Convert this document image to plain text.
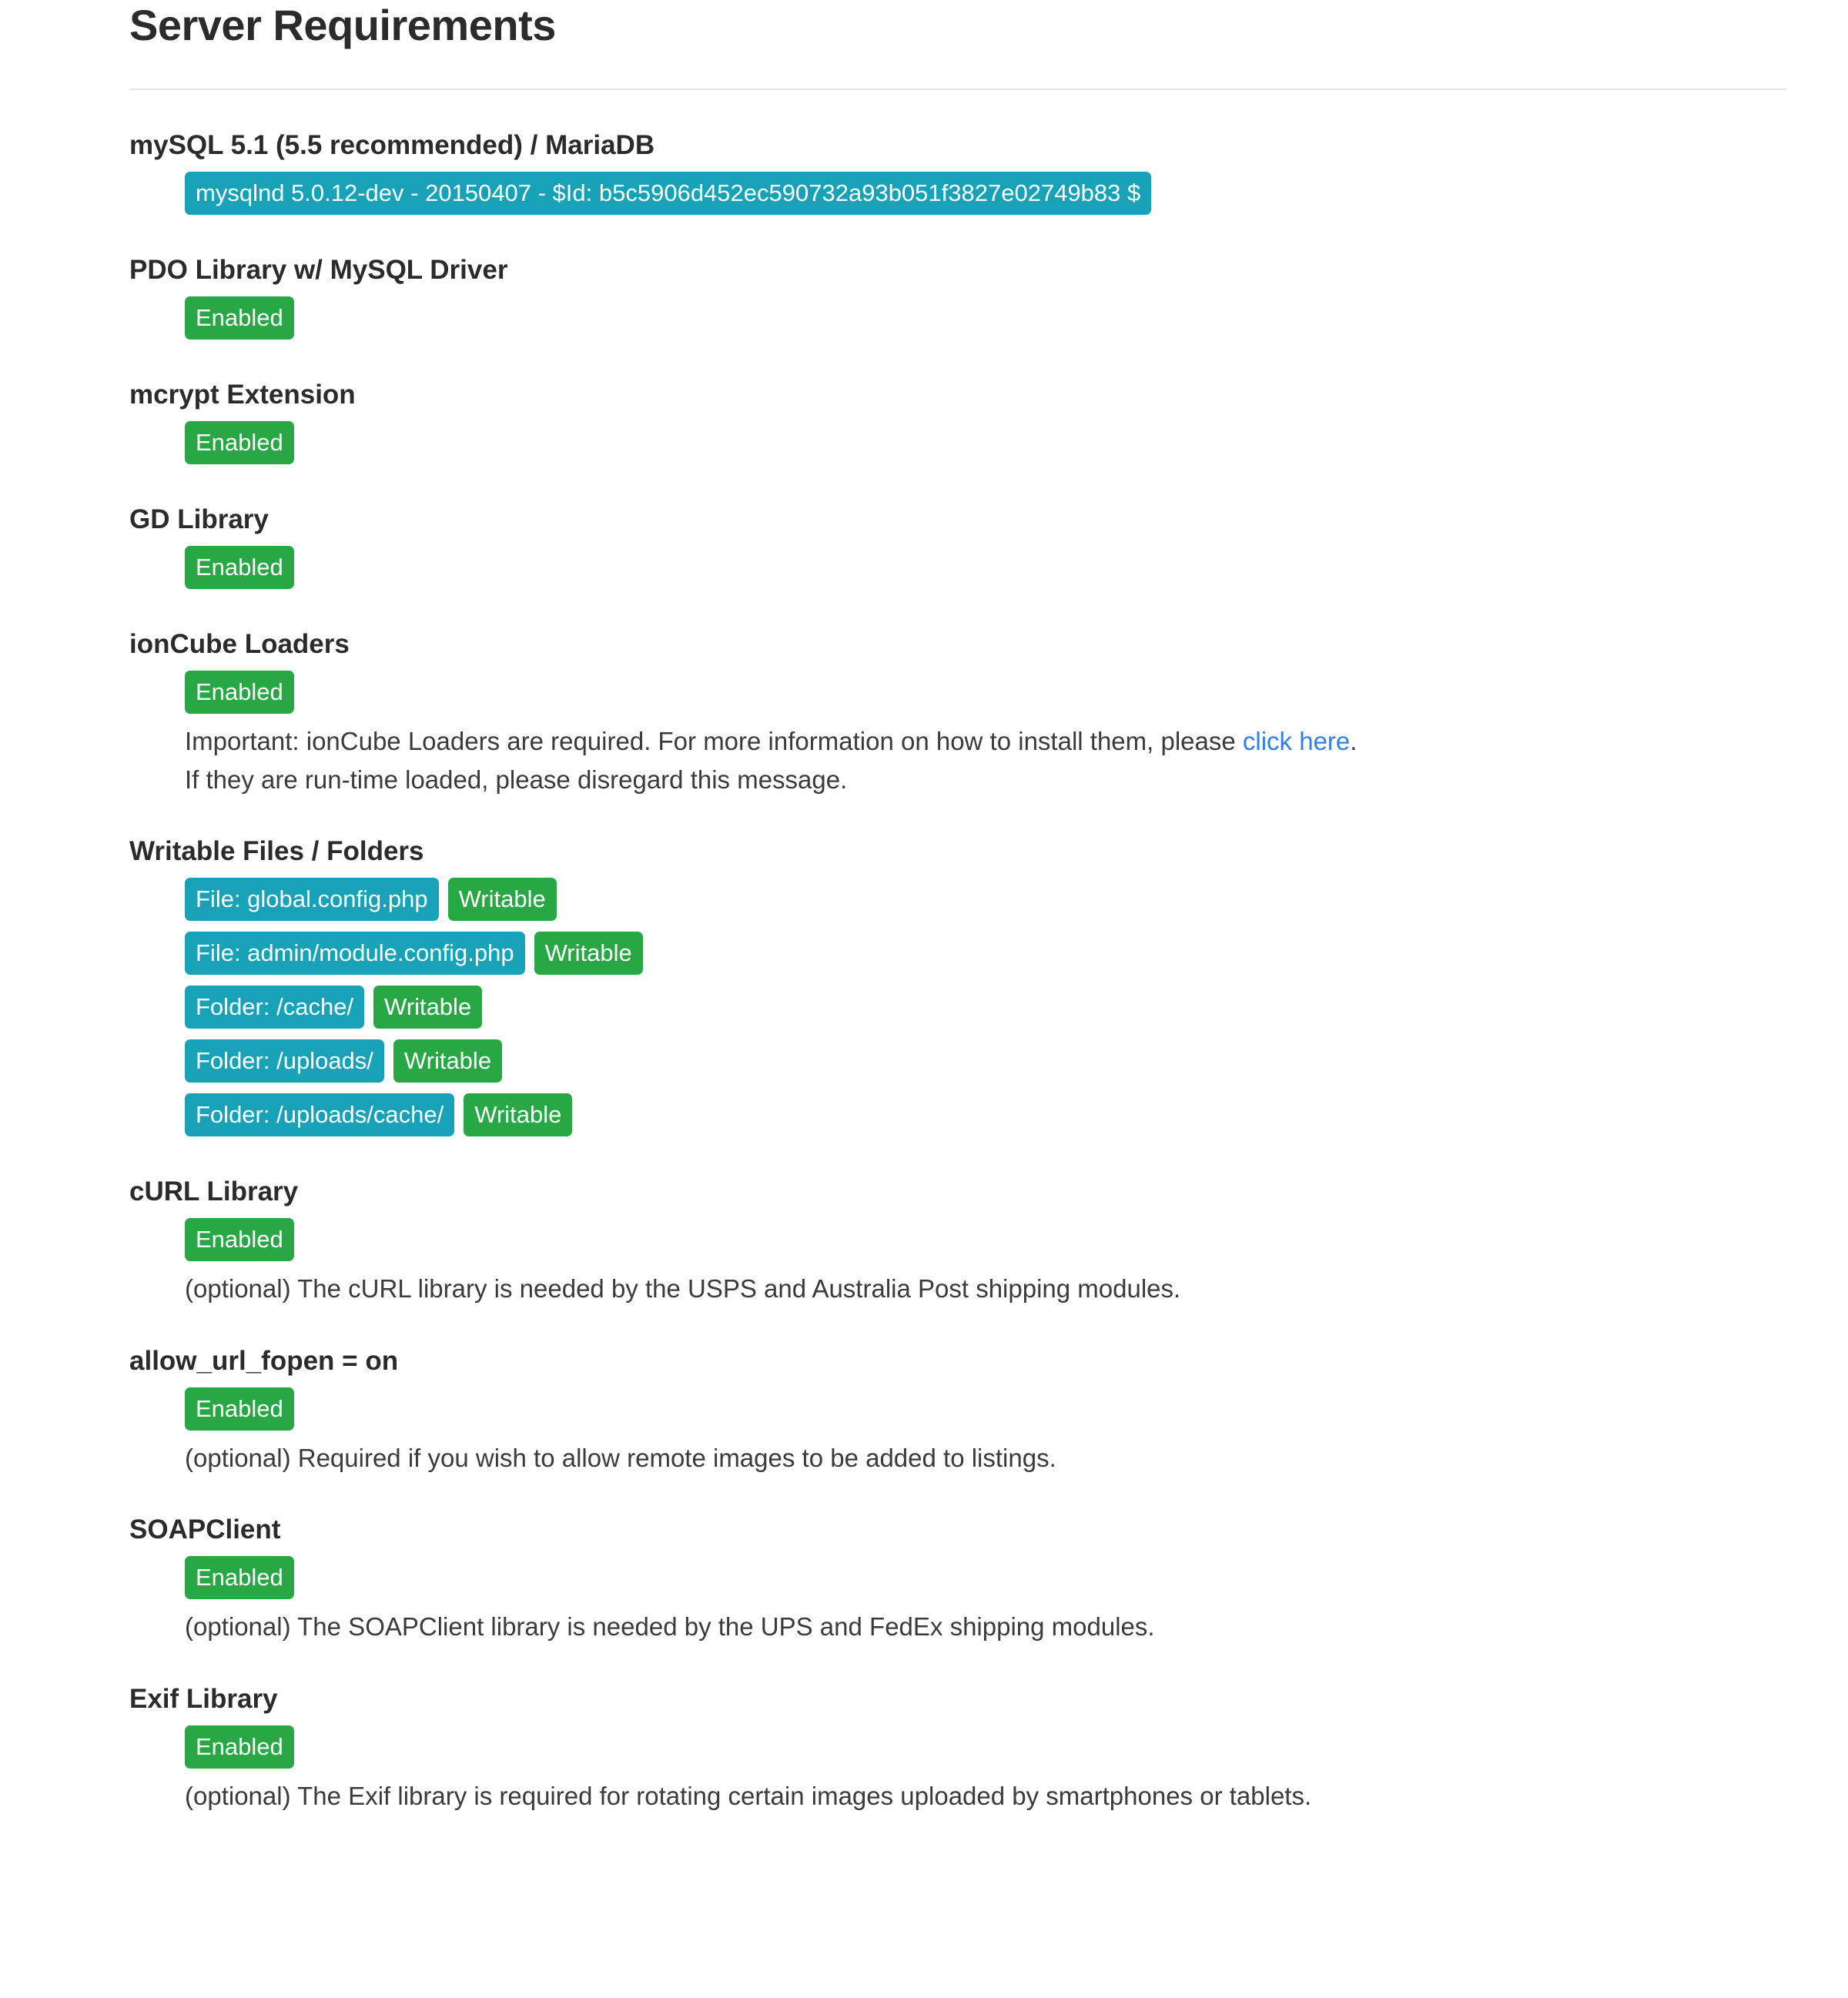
Server Requirements
mySQL 5.1 (5.5 recommended) / MariaDB
mysqlnd 5.0.12-dev - 20150407 - $Id: b5c5906d452ec590732a93b051f3827e02749b83 $
PDO Library w/ MySQL Driver
Enabled
mcrypt Extension
Enabled
GD Library
Enabled
ionCube Loaders
Enabled
Important: ionCube Loaders are required. For more information on how to install them, please click here.
If they are run-time loaded, please disregard this message.
Writable Files / Folders
File: global.config.php Writable
File: admin/module.config.php Writable
Folder: /cache/ Writable
Folder: /uploads/ Writable
Folder: /uploads/cache/ Writable
cURL Library
Enabled
(optional) The cURL library is needed by the USPS and Australia Post shipping modules.
allow_url_fopen = on
Enabled
(optional) Required if you wish to allow remote images to be added to listings.
SOAPClient
Enabled
(optional) The SOAPClient library is needed by the UPS and FedEx shipping modules.
Exif Library
Enabled
(optional) The Exif library is required for rotating certain images uploaded by smartphones or tablets.
